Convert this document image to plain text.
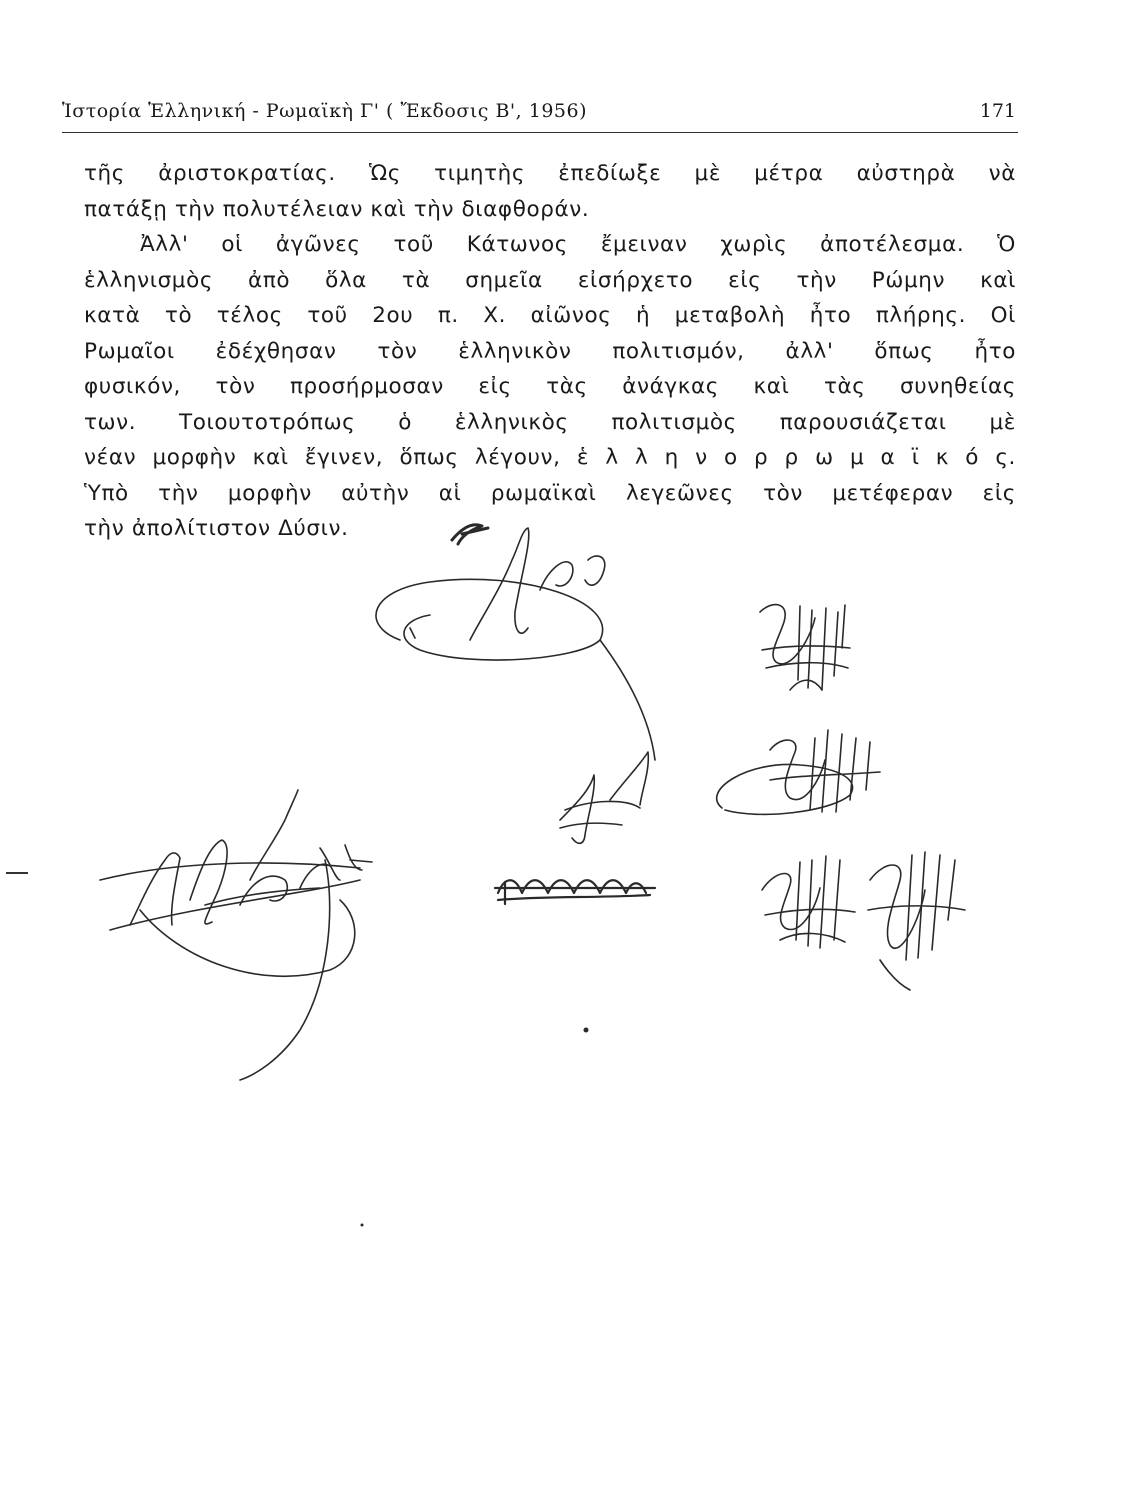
Ἱστορία Ἑλληνική - Ρωμαϊκὴ Γ' ( Ἔκδοσις Β', 1956)	171
τῆς ἀριστοκρατίας. Ὡς τιμητὴς ἐπεδίωξε μὲ μέτρα αὐστηρὰ νὰ
πατάξῃ τὴν πολυτέλειαν καὶ τὴν διαφθοράν.
Ἀλλ' οἱ ἀγῶνες τοῦ Κάτωνος ἔμειναν χωρὶς ἀποτέλεσμα. Ὁ
ἑλληνισμὸς ἀπὸ ὅλα τὰ σημεῖα εἰσήρχετο εἰς τὴν Ρώμην καὶ
κατὰ τὸ τέλος τοῦ 2ου π. Χ. αἰῶνος ἡ μεταβολὴ ἦτο πλήρης. Οἱ
Ρωμαῖοι ἐδέχθησαν τὸν ἑλληνικὸν πολιτισμόν, ἀλλ' ὅπως ἦτο
φυσικόν, τὸν προσήρμοσαν εἰς τὰς ἀνάγκας καὶ τὰς συνηθείας
των. Τοιουτοτρόπως ὁ ἑλληνικὸς πολιτισμὸς παρουσιάζεται μὲ
νέαν μορφὴν καὶ ἔγινεν, ὅπως λέγουν, ἑ λ λ η ν ο ρ ρ ω μ α ϊ κ ό ς.
Ὑπὸ τὴν μορφὴν αὐτὴν αἱ ρωμαϊκαὶ λεγεῶνες τὸν μετέφεραν εἰς
τὴν ἀπολίτιστον Δύσιν.
